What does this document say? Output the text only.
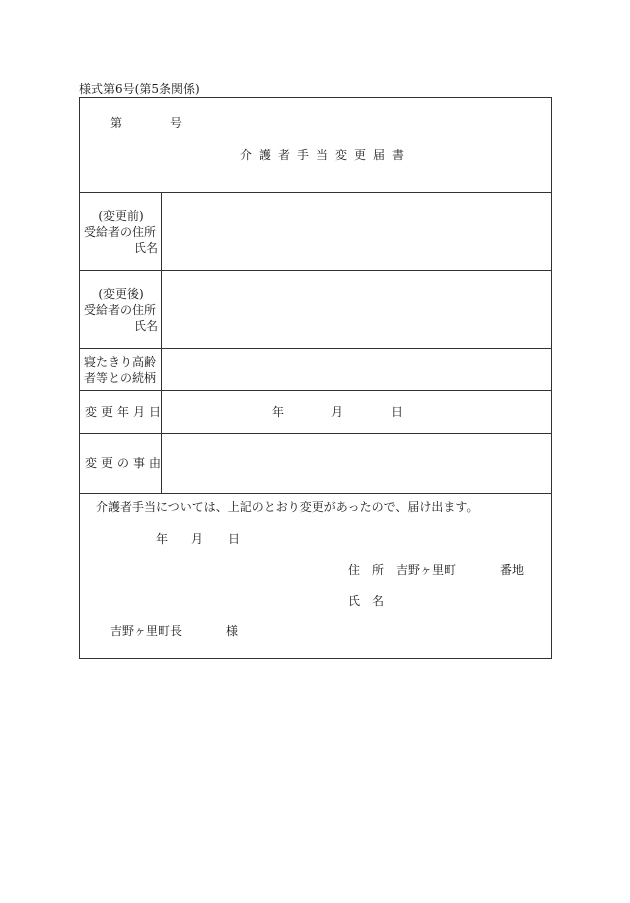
様式第6号(第5条関係)
第	号
介護者手当変更届書
(変更前)
受給者の住所
氏名
(変更後)
受給者の住所
氏名
寝たきり高齢
者等との続柄
変更年月日	年	月	日
変更の事由
介護者手当については、上記のとおり変更があったので、届け出ます。
年 月 日
住　所 吉野ヶ里町	番地
氏　名
吉野ヶ里町長	様
